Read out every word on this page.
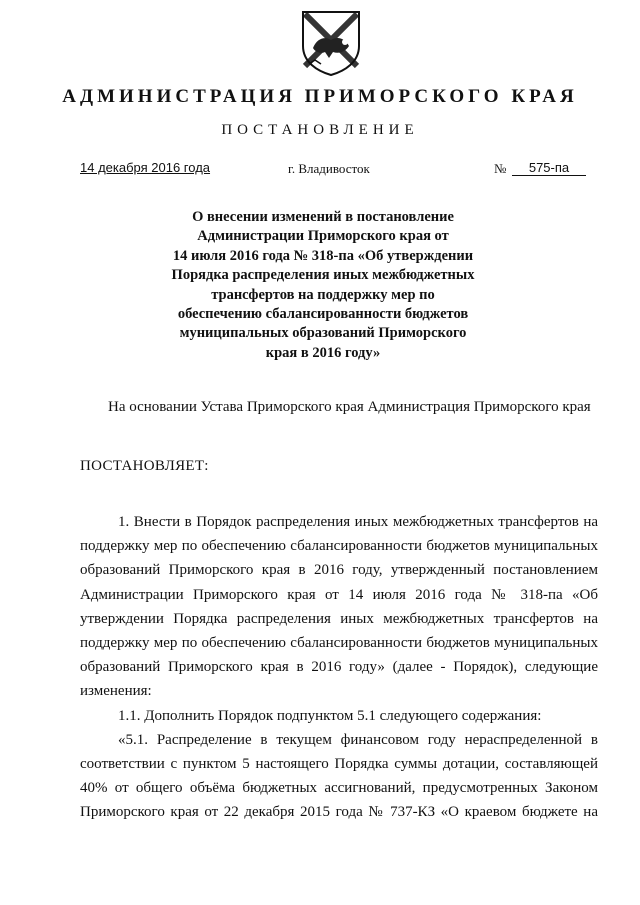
АДМИНИСТРАЦИЯ ПРИМОРСКОГО КРАЯ
ПОСТАНОВЛЕНИЕ
14 декабря 2016 года	г. Владивосток	№	575-па
О внесении изменений в постановление
Администрации Приморского края от
14 июля 2016 года № 318-па «Об утверждении
Порядка распределения иных межбюджетных
трансфертов на поддержку мер по
обеспечению сбалансированности бюджетов
муниципальных образований Приморского
края в 2016 году»
На основании Устава Приморского края Администрация Приморского края
ПОСТАНОВЛЯЕТ:
1. Внести в Порядок распределения иных межбюджетных трансфертов на
поддержку мер по обеспечению сбалансированности бюджетов муниципальных
образований Приморского края в 2016 году, утвержденный постановлением
Администрации Приморского края от 14 июля 2016 года № 318-па «Об
утверждении Порядка распределения иных межбюджетных трансфертов на
поддержку мер по обеспечению сбалансированности бюджетов муниципальных
образований Приморского края в 2016 году» (далее - Порядок), следующие
изменения:
1.1. Дополнить Порядок подпунктом 5.1 следующего содержания:
«5.1. Распределение в текущем финансовом году нераспределенной в
соответствии с пунктом 5 настоящего Порядка суммы дотации, составляющей
40% от общего объёма бюджетных ассигнований, предусмотренных Законом
Приморского края от 22 декабря 2015 года № 737-КЗ «О краевом бюджете на
